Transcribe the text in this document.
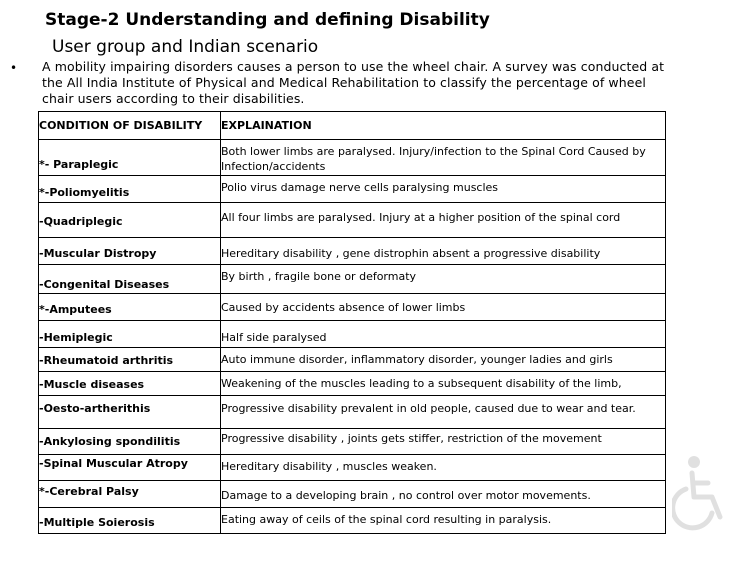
Stage-2 Understanding and defining Disability
User group and Indian scenario
• A mobility impairing disorders causes a person to use the wheel chair. A survey was conducted at the All India Institute of Physical and Medical Rehabilitation to classify the percentage of wheel chair users according to their disabilities.
CONDITION OF DISABILITY	EXPLAINATION
*- Paraplegic	Both lower limbs are paralysed. Injury/infection to the Spinal Cord Caused by Infection/accidents
*-Poliomyelitis	Polio virus damage nerve cells paralysing muscles
-Quadriplegic	All four limbs are paralysed. Injury at a higher position of the spinal cord
-Muscular Distropy	Hereditary disability , gene distrophin absent a progressive disability
-Congenital Diseases	By birth , fragile bone or deformaty
*-Amputees	Caused by accidents absence of lower limbs
-Hemiplegic	Half side paralysed
-Rheumatoid arthritis	Auto immune disorder, inflammatory disorder, younger ladies and girls
-Muscle diseases	Weakening of the muscles leading to a subsequent disability of the limb,
-Oesto-artherithis	Progressive disability prevalent in old people, caused due to wear and tear.
-Ankylosing spondilitis	Progressive disability , joints gets stiffer, restriction of the movement
-Spinal Muscular Atropy	Hereditary disability , muscles weaken.
*-Cerebral Palsy	Damage to a developing brain , no control over motor movements.
-Multiple Soierosis	Eating away of ceils of the spinal cord resulting in paralysis.
